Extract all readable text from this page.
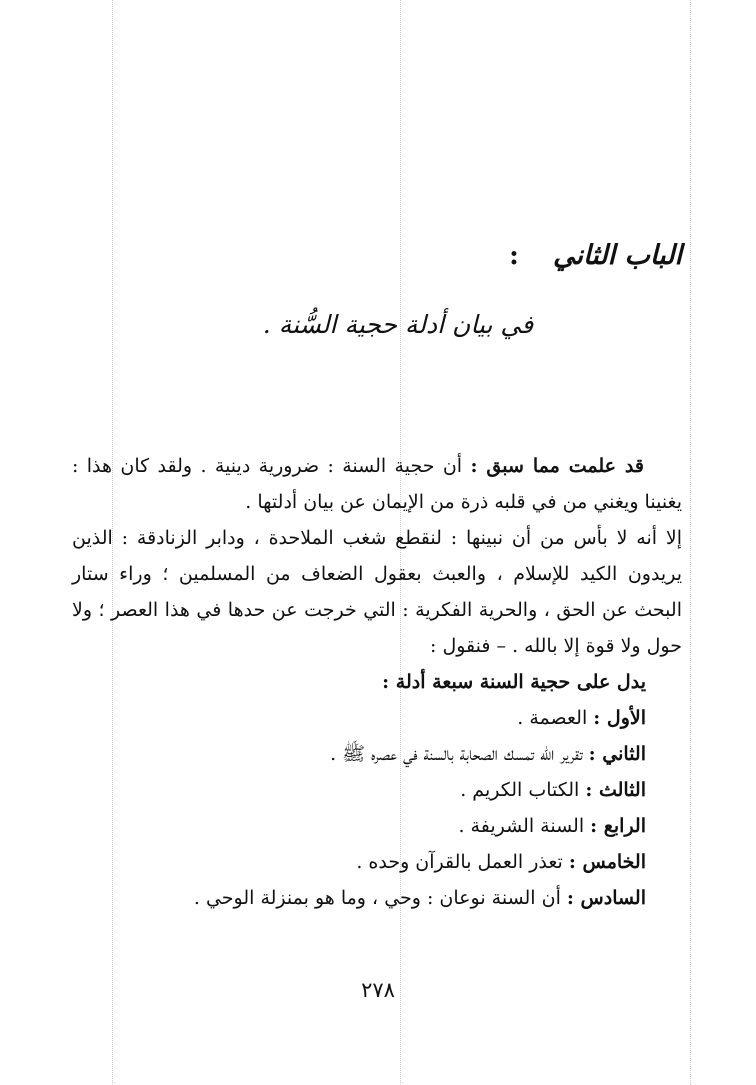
الباب الثاني:
في بيان أدلة حجية السُّنة .

قد علمت مما سبق : أن حجية السنة : ضرورية دينية . ولقد كان هذا : يغنينا ويغني من في قلبه ذرة من الإيمان عن بيان أدلتها .

إلا أنه لا بأس من أن نبينها : لنقطع شغب الملاحدة ، ودابر الزنادقة : الذين يريدون الكيد للإسلام ، والعبث بعقول الضعاف من المسلمين ؛ وراء ستار البحث عن الحق ، والحرية الفكرية : التي خرجت عن حدها في هذا العصر ؛ ولا حول ولا قوة إلا بالله . – فنقول :

يدل على حجية السنة سبعة أدلة :
الأول : العصمة .
الثاني : تقرير الله تمسك الصحابة بالسنة في عصره ﷺ .
الثالث : الكتاب الكريم .
الرابع : السنة الشريفة .
الخامس : تعذر العمل بالقرآن وحده .
السادس : أن السنة نوعان : وحي ، وما هو بمنزلة الوحي .
٢٧٨
